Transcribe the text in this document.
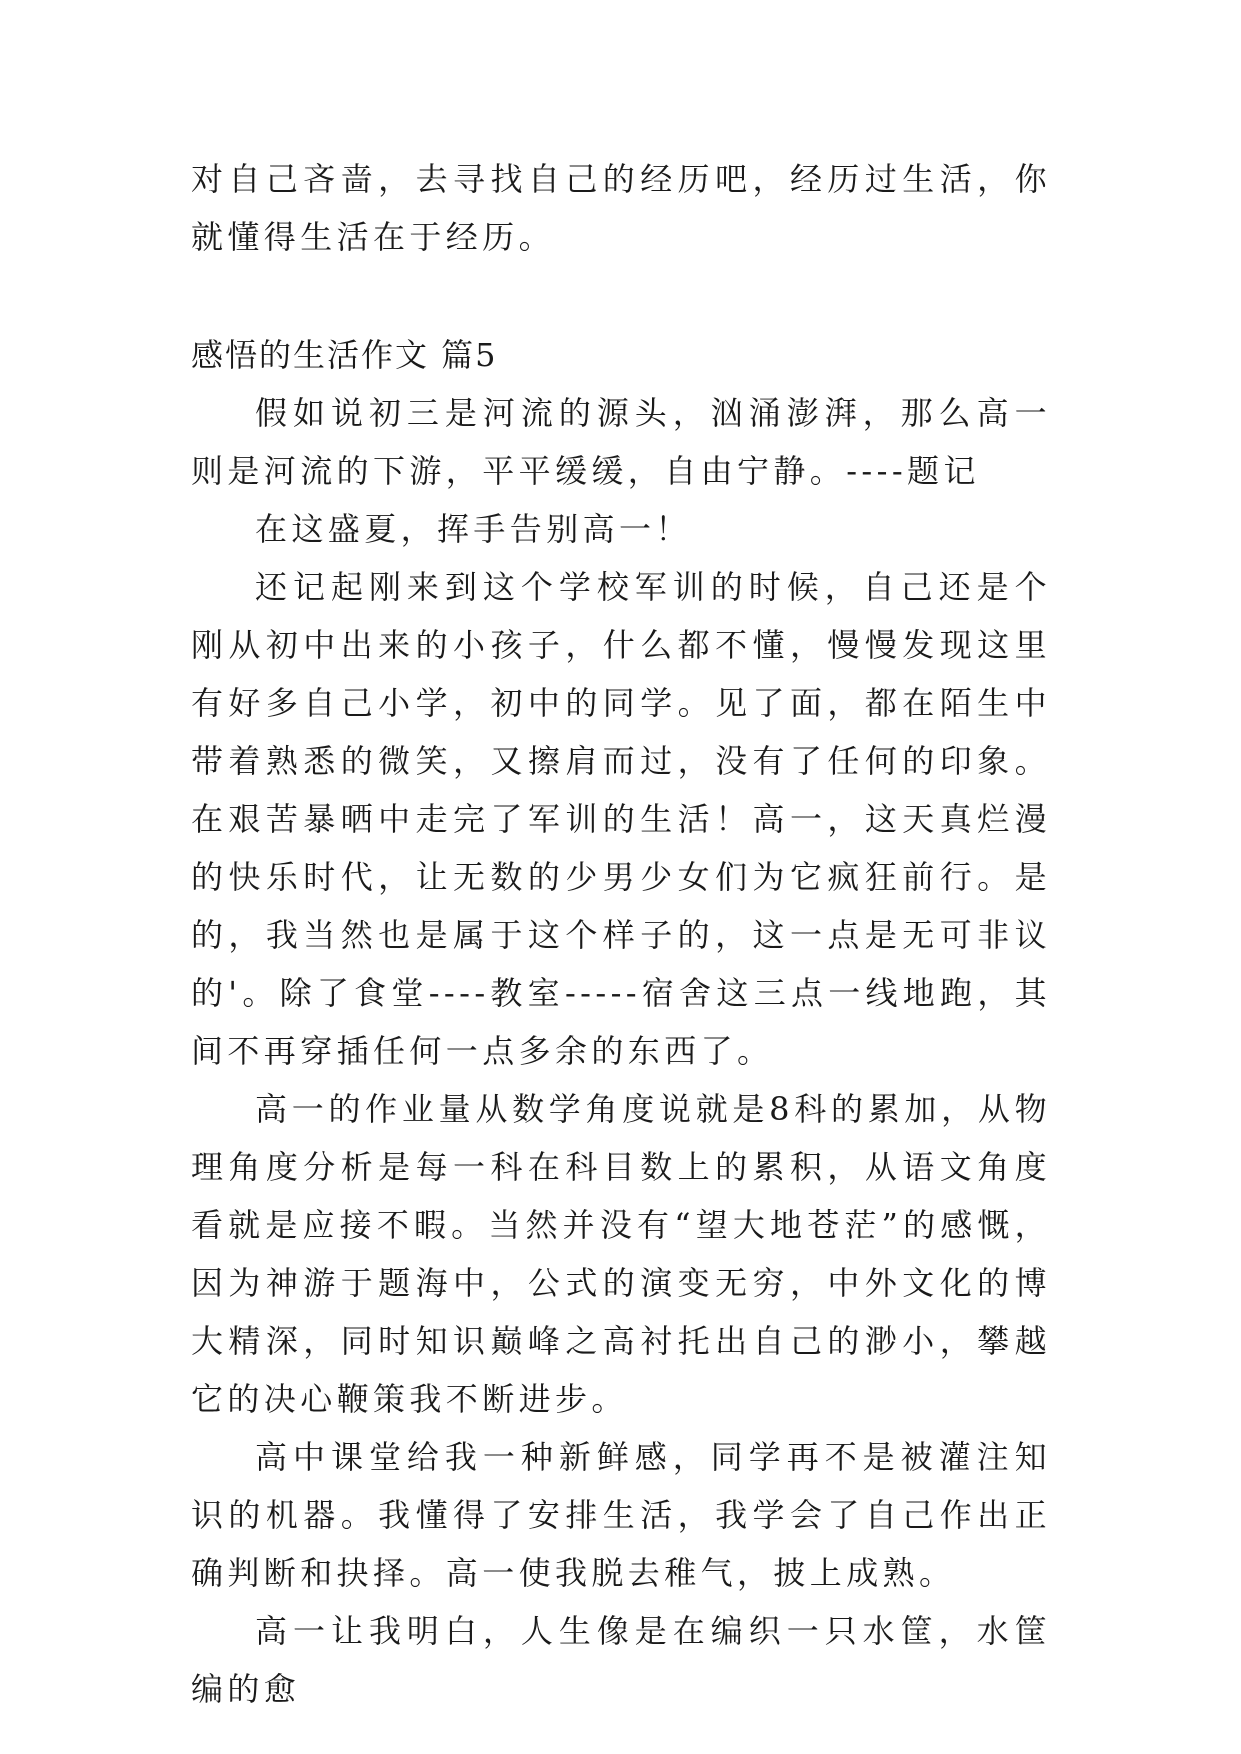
对自己吝啬，去寻找自己的经历吧，经历过生活，你就懂得生活在于经历。

感悟的生活作文 篇5

假如说初三是河流的源头，汹涌澎湃，那么高一则是河流的下游，平平缓缓，自由宁静。----题记

在这盛夏，挥手告别高一！

还记起刚来到这个学校军训的时候，自己还是个刚从初中出来的小孩子，什么都不懂，慢慢发现这里有好多自己小学，初中的同学。见了面，都在陌生中带着熟悉的微笑，又擦肩而过，没有了任何的印象。在艰苦暴晒中走完了军训的生活！高一，这天真烂漫的快乐时代，让无数的少男少女们为它疯狂前行。是的，我当然也是属于这个样子的，这一点是无可非议的'。除了食堂----教室-----宿舍这三点一线地跑，其间不再穿插任何一点多余的东西了。

高一的作业量从数学角度说就是8科的累加，从物理角度分析是每一科在科目数上的累积，从语文角度看就是应接不暇。当然并没有“望大地苍茫”的感慨，因为神游于题海中，公式的演变无穷，中外文化的博大精深，同时知识巅峰之高衬托出自己的渺小，攀越它的决心鞭策我不断进步。

高中课堂给我一种新鲜感，同学再不是被灌注知识的机器。我懂得了安排生活，我学会了自己作出正确判断和抉择。高一使我脱去稚气，披上成熟。

高一让我明白，人生像是在编织一只水筐，水筐编的愈
